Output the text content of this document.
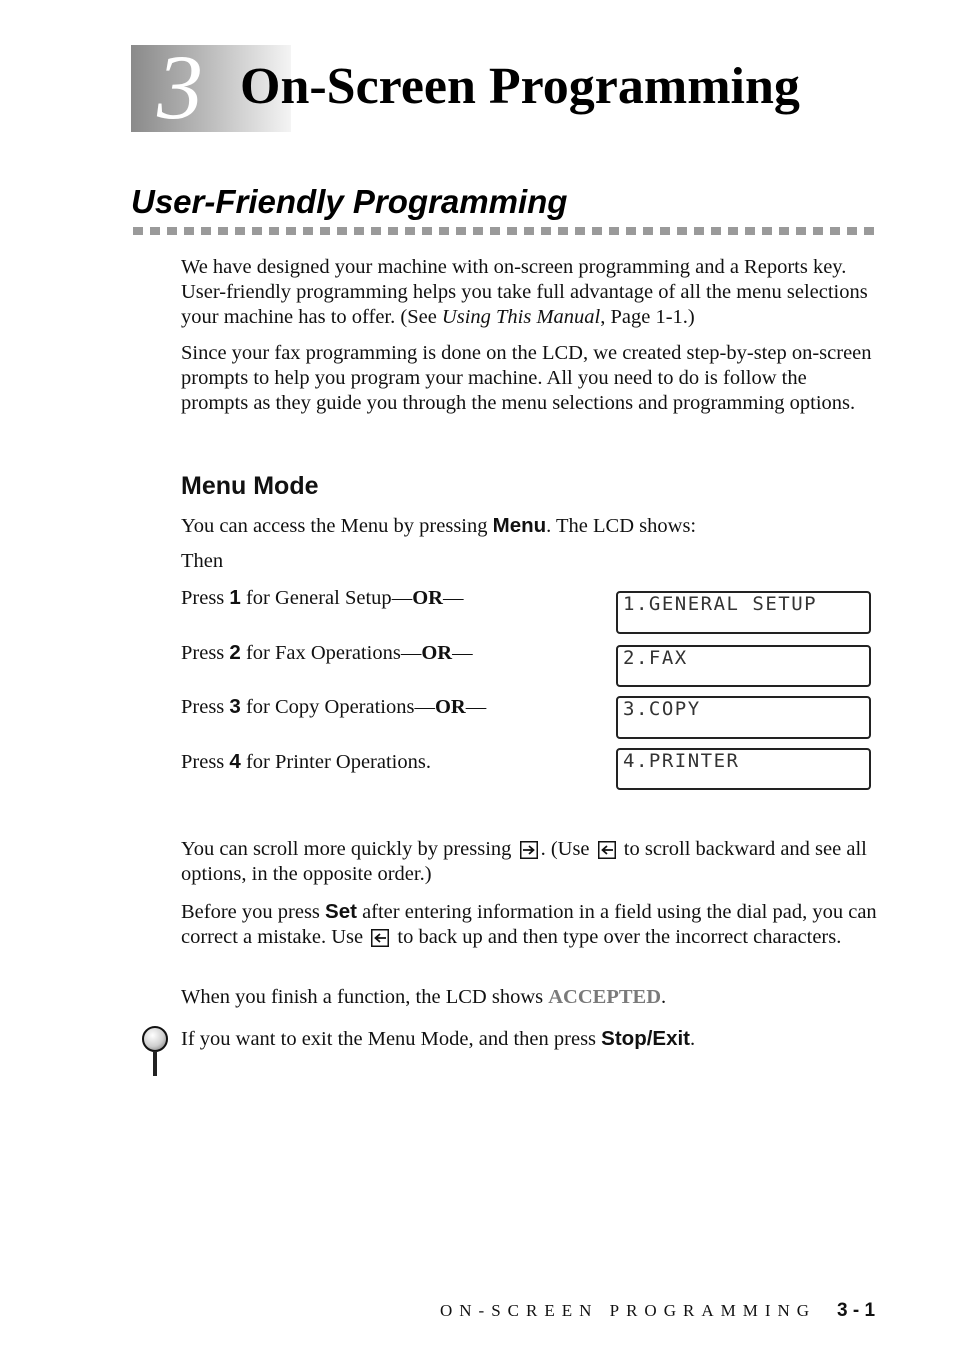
3 On-Screen Programming
User-Friendly Programming

We have designed your machine with on-screen programming and a Reports key. User-friendly programming helps you take full advantage of all the menu selections your machine has to offer. (See Using This Manual, Page 1-1.)

Since your fax programming is done on the LCD, we created step-by-step on-screen prompts to help you program your machine. All you need to do is follow the prompts as they guide you through the menu selections and programming options.

Menu Mode

You can access the Menu by pressing Menu. The LCD shows:

Then

Press 1 for General Setup—OR—
Press 2 for Fax Operations—OR—
Press 3 for Copy Operations—OR—
Press 4 for Printer Operations.
1.GENERAL SETUP
2.FAX
3.COPY
4.PRINTER

You can scroll more quickly by pressing . (Use to scroll backward and see all options, in the opposite order.)

Before you press Set after entering information in a field using the dial pad, you can correct a mistake. Use to back up and then type over the incorrect characters.

When you finish a function, the LCD shows ACCEPTED.

If you want to exit the Menu Mode, and then press Stop/Exit.

ON-SCREEN PROGRAMMING 3 - 1
